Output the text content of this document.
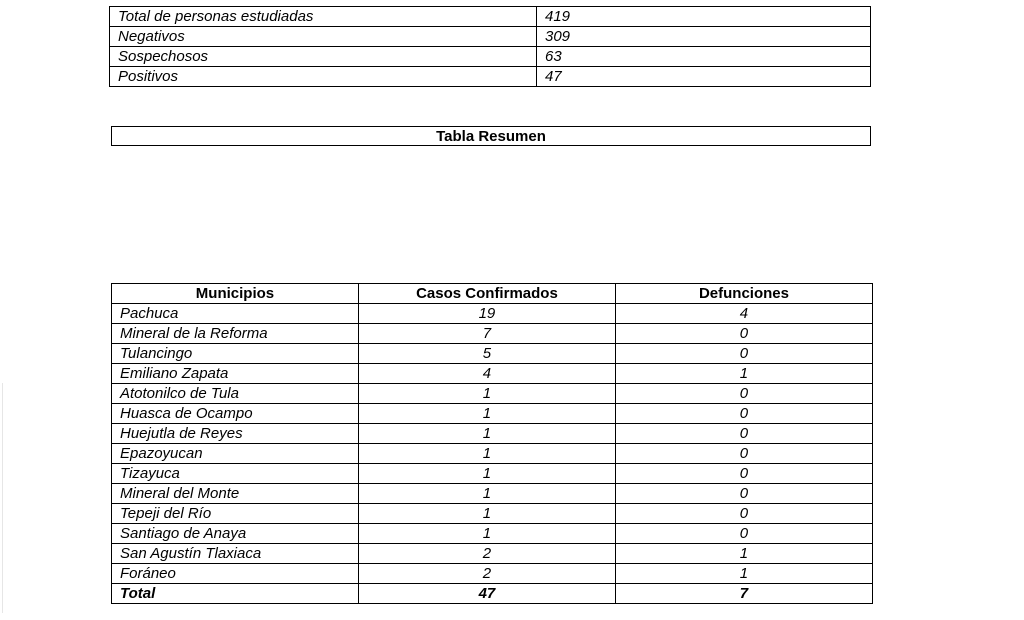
Total de personas estudiadas	419
Negativos	309
Sospechosos	63
Positivos	47
Tabla Resumen
Municipios	Casos Confirmados	Defunciones
Pachuca	19	4
Mineral de la Reforma	7	0
Tulancingo	5	0
Emiliano Zapata	4	1
Atotonilco de Tula	1	0
Huasca de Ocampo	1	0
Huejutla de Reyes	1	0
Epazoyucan	1	0
Tizayuca	1	0
Mineral del Monte	1	0
Tepeji del Río	1	0
Santiago de Anaya	1	0
San Agustín Tlaxiaca	2	1
Foráneo	2	1
Total	47	7
